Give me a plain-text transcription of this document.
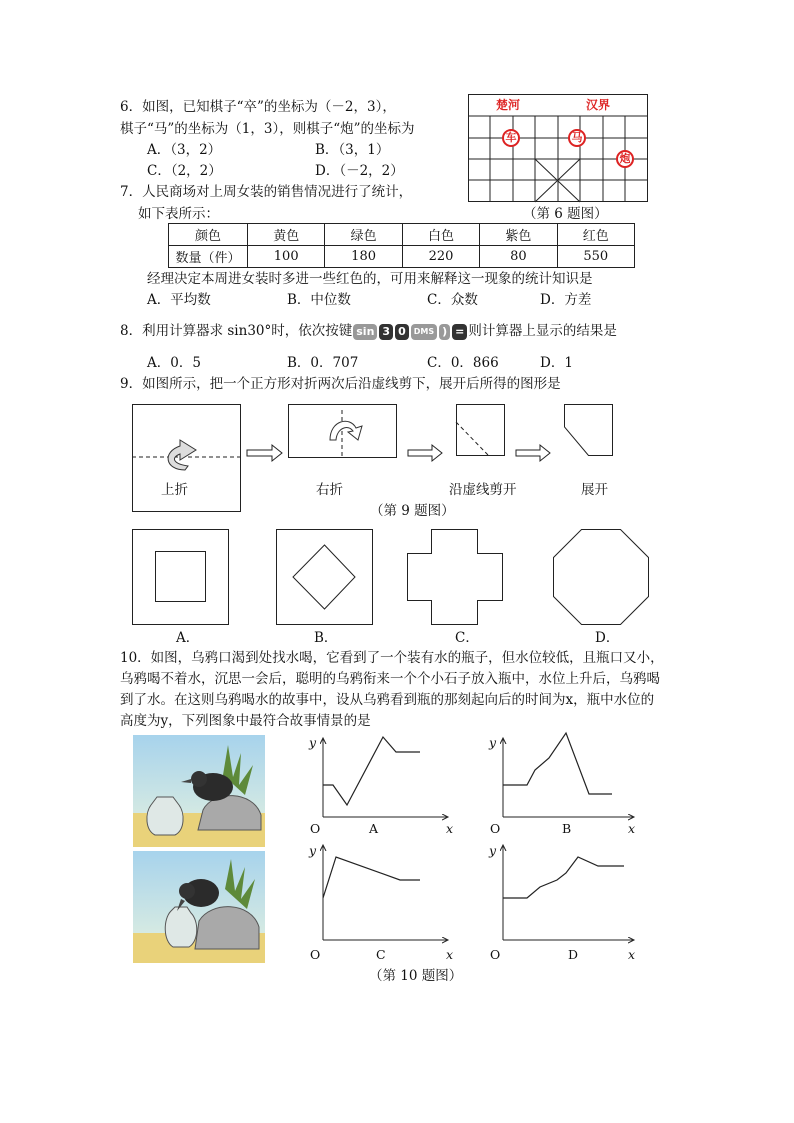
6．如图，已知棋子“卒”的坐标为（－2，3），
棋子“马”的坐标为（1，3），则棋子“炮”的坐标为
A．（3，2）	B．（3，1）
C．（2，2）	D．（－2，2）
楚河	汉界
车	马
炮
（第 6 题图）
7．人民商场对上周女装的销售情况进行了统计，
如下表所示：
颜色	黄色	绿色	白色	紫色	红色
数量（件）	100	180	220	80	550
经理决定本周进女装时多进一些红色的，可用来解释这一现象的统计知识是
A．平均数	B．中位数	C．众数	D．方差
8．利用计算器求 sin30°时，依次按键 sin 3 0 DMS ) = 则计算器上显示的结果是
A．0．5	B．0．707	C．0．866	D．1
9．如图所示，把一个正方形对折两次后沿虚线剪下，展开后所得的图形是
上折	右折	沿虚线剪开	展开
（第 9 题图）
A．	B．	C．	D．
10．如图，乌鸦口渴到处找水喝，它看到了一个装有水的瓶子，但水位较低，且瓶口又小，
乌鸦喝不着水，沉思一会后，聪明的乌鸦衔来一个个小石子放入瓶中，水位上升后，乌鸦喝
到了水。在这则乌鸦喝水的故事中，设从乌鸦看到瓶的那刻起向后的时间为x，瓶中水位的
高度为y，下列图象中最符合故事情景的是
y
O	A	x
y
O	B	x
y
O	C	x
y
O	D	x
（第 10 题图）
